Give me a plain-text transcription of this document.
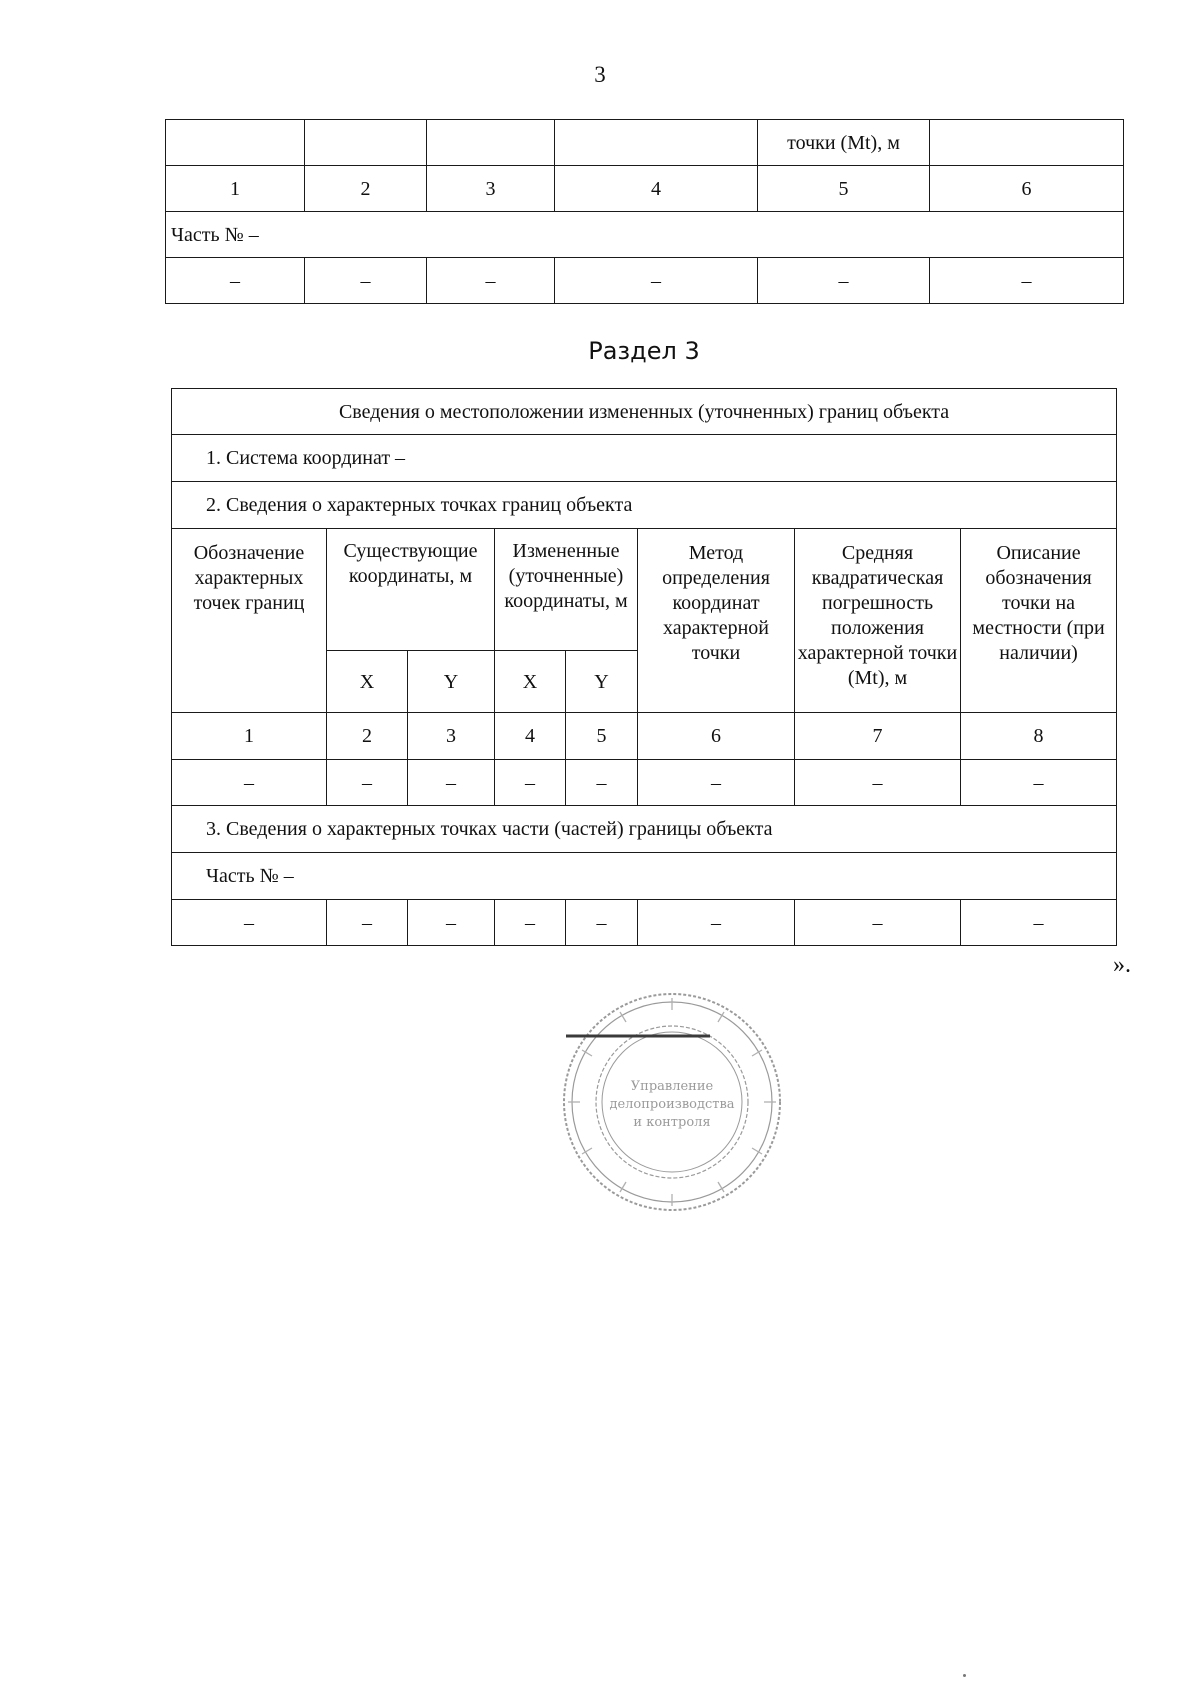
3
				точки (Mt), м	
1	2	3	4	5	6
Часть № –					
–	–	–	–	–	–
Раздел 3
Сведения о местоположении измененных (уточненных) границ объекта							
1. Система координат –							
2. Сведения о характерных точках границ объекта							
Обозначение характерных точек границ	Существующие координаты, м		Измененные (уточненные) координаты, м		Метод определения координат характерной точки	Средняя квадратическая погрешность положения характерной точки (Mt), м	Описание обозначения точки на местности (при наличии)
	X	Y	X	Y			
1	2	3	4	5	6	7	8
–	–	–	–	–	–	–	–
3. Сведения о характерных точках части (частей) границы объекта							
Часть № –							
–	–	–	–	–	–	–	–
».
Управление
делопроизводства
и контроля
